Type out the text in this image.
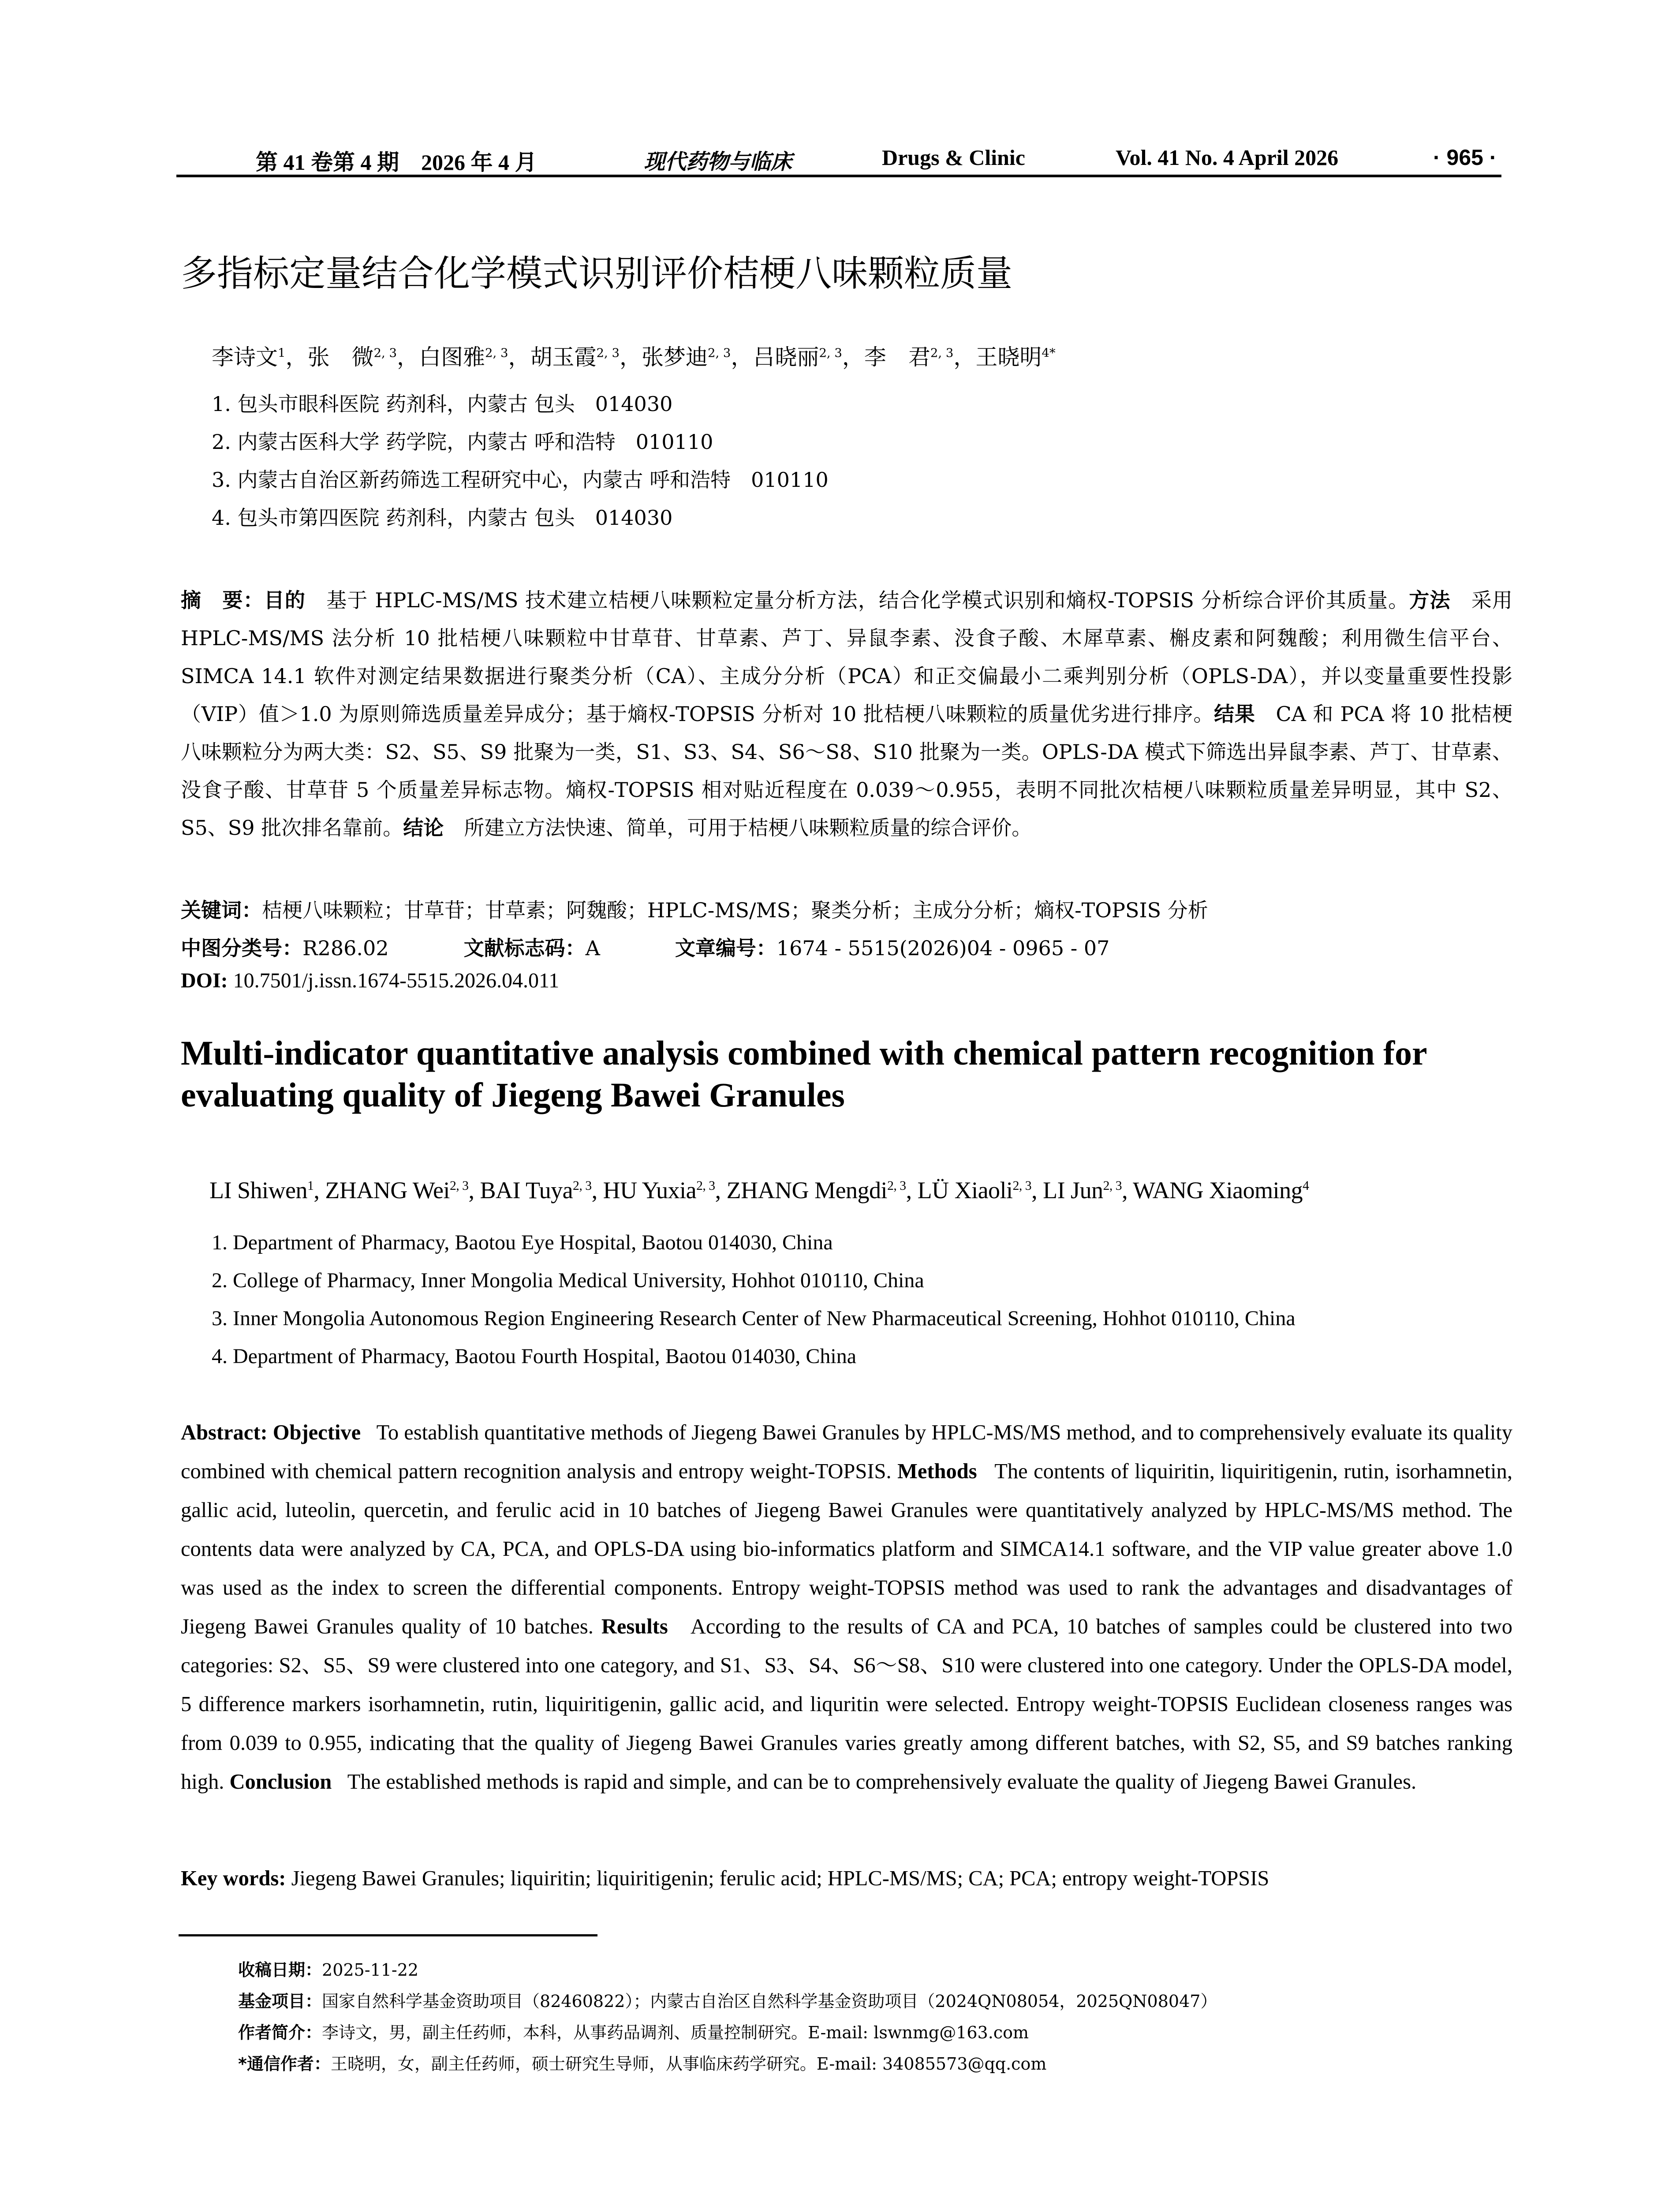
第 41 卷第 4 期　2026 年 4 月	现代药物与临床	Drugs & Clinic	Vol. 41 No. 4 April 2026	· 965 ·
多指标定量结合化学模式识别评价桔梗八味颗粒质量
李诗文$^1$，张　微$^{2, 3}$，白图雅$^{2, 3}$，胡玉霞$^{2, 3}$，张梦迪$^{2, 3}$，吕晓丽$^{2, 3}$，李　君$^{2, 3}$，王晓明$^{4*}$
1. 包头市眼科医院 药剂科，内蒙古 包头　014030
2. 内蒙古医科大学 药学院，内蒙古 呼和浩特　010110
3. 内蒙古自治区新药筛选工程研究中心，内蒙古 呼和浩特　010110
4. 包头市第四医院 药剂科，内蒙古 包头　014030
摘　要：目的　 基于 HPLC-MS/MS 技术建立桔梗八味颗粒定量分析方法，结合化学模式识别和熵权-TOPSIS 分析综合评价其质量。方法　 采用 HPLC-MS/MS 法分析 10 批桔梗八味颗粒中甘草苷、甘草素、芦丁、异鼠李素、没食子酸、木犀草素、槲皮素和阿魏酸；利用微生信平台、SIMCA 14.1 软件对测定结果数据进行聚类分析（CA）、主成分分析（PCA）和正交偏最小二乘判别分析（OPLS-DA），并以变量重要性投影（VIP）值＞1.0 为原则筛选质量差异成分；基于熵权-TOPSIS 分析对 10 批桔梗八味颗粒的质量优劣进行排序。结果　 CA 和 PCA 将 10 批桔梗八味颗粒分为两大类：S2、S5、S9 批聚为一类，S1、S3、S4、S6～S8、S10 批聚为一类。OPLS-DA 模式下筛选出异鼠李素、芦丁、甘草素、没食子酸、甘草苷 5 个质量差异标志物。熵权-TOPSIS 相对贴近程度在 0.039～0.955，表明不同批次桔梗八味颗粒质量差异明显，其中 S2、S5、S9 批次排名靠前。结论　 所建立方法快速、简单，可用于桔梗八味颗粒质量的综合评价。
关键词：桔梗八味颗粒；甘草苷；甘草素；阿魏酸；HPLC-MS/MS；聚类分析；主成分分析；熵权-TOPSIS 分析
中图分类号：R286.02	文献标志码：A	文章编号：1674 - 5515(2026)04 - 0965 - 07
DOI: 10.7501/j.issn.1674-5515.2026.04.011
Multi-indicator quantitative analysis combined with chemical pattern recognition for evaluating quality of Jiegeng Bawei Granules
LI Shiwen$^1$, ZHANG Wei$^{2, 3}$, BAI Tuya$^{2, 3}$, HU Yuxia$^{2, 3}$, ZHANG Mengdi$^{2, 3}$, LÜ Xiaoli$^{2, 3}$, LI Jun$^{2, 3}$, WANG Xiaoming$^4$
1. Department of Pharmacy, Baotou Eye Hospital, Baotou 014030, China
2. College of Pharmacy, Inner Mongolia Medical University, Hohhot 010110, China
3. Inner Mongolia Autonomous Region Engineering Research Center of New Pharmaceutical Screening, Hohhot 010110, China
4. Department of Pharmacy, Baotou Fourth Hospital, Baotou 014030, China
Abstract: Objective To establish quantitative methods of Jiegeng Bawei Granules by HPLC-MS/MS method, and to comprehensively evaluate its quality combined with chemical pattern recognition analysis and entropy weight-TOPSIS. Methods The contents of liquiritin, liquiritigenin, rutin, isorhamnetin, gallic acid, luteolin, quercetin, and ferulic acid in 10 batches of Jiegeng Bawei Granules were quantitatively analyzed by HPLC-MS/MS method. The contents data were analyzed by CA, PCA, and OPLS-DA using bio-informatics platform and SIMCA14.1 software, and the VIP value greater above 1.0 was used as the index to screen the differential components. Entropy weight-TOPSIS method was used to rank the advantages and disadvantages of Jiegeng Bawei Granules quality of 10 batches. Results According to the results of CA and PCA, 10 batches of samples could be clustered into two categories: S2、S5、S9 were clustered into one category, and S1、S3、S4、S6～S8、S10 were clustered into one category. Under the OPLS-DA model, 5 difference markers isorhamnetin, rutin, liquiritigenin, gallic acid, and liquritin were selected. Entropy weight-TOPSIS Euclidean closeness ranges was from 0.039 to 0.955, indicating that the quality of Jiegeng Bawei Granules varies greatly among different batches, with S2, S5, and S9 batches ranking high. Conclusion The established methods is rapid and simple, and can be to comprehensively evaluate the quality of Jiegeng Bawei Granules.
Key words: Jiegeng Bawei Granules; liquiritin; liquiritigenin; ferulic acid; HPLC-MS/MS; CA; PCA; entropy weight-TOPSIS
收稿日期：2025-11-22
基金项目：国家自然科学基金资助项目（82460822）；内蒙古自治区自然科学基金资助项目（2024QN08054，2025QN08047）
作者简介：李诗文，男，副主任药师，本科，从事药品调剂、质量控制研究。E-mail: lswnmg@163.com
*通信作者：王晓明，女，副主任药师，硕士研究生导师，从事临床药学研究。E-mail: 34085573@qq.com
